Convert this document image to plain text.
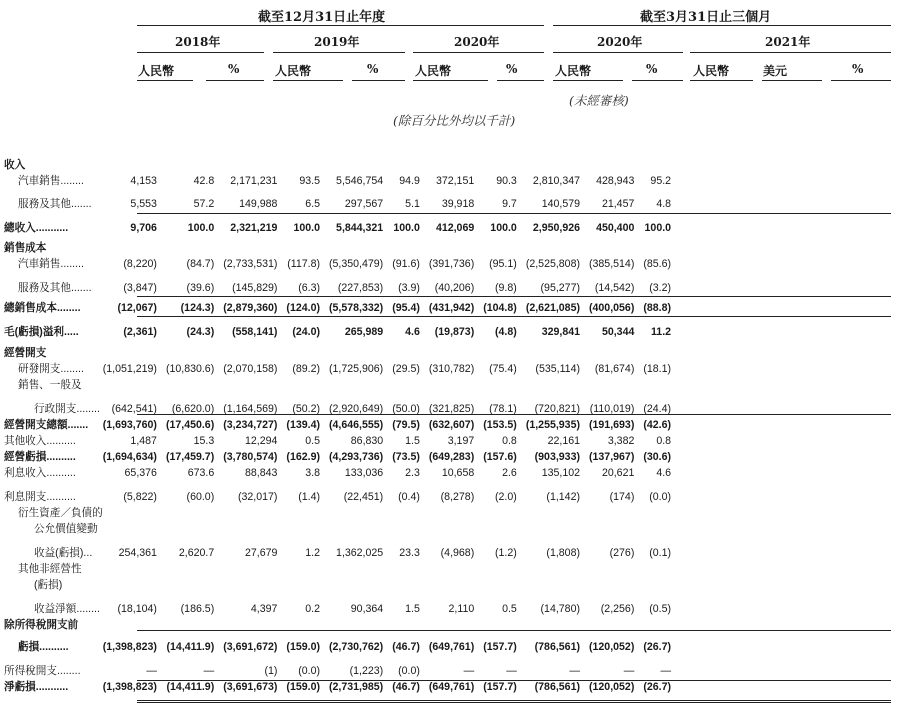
截至12月31日止年度	截至3月31日止三個月
2018年	2019年	2020年	2020年	2021年
人民幣	%	人民幣	%	人民幣	%	人民幣	%	人民幣	美元	%
(未經審核)
(除百分比外均以千計)
收入											
汽車銷售........	4,153	42.8	2,171,231	93.5	5,546,754	94.9	372,151	90.3	2,810,347	428,943	95.2
服務及其他.......	5,553	57.2	149,988	6.5	297,567	5.1	39,918	9.7	140,579	21,457	4.8
總收入...........	9,706	100.0	2,321,219	100.0	5,844,321	100.0	412,069	100.0	2,950,926	450,400	100.0
銷售成本											
汽車銷售........	(8,220)	(84.7)	(2,733,531)	(117.8)	(5,350,479)	(91.6)	(391,736)	(95.1)	(2,525,808)	(385,514)	(85.6)
服務及其他.......	(3,847)	(39.6)	(145,829)	(6.3)	(227,853)	(3.9)	(40,206)	(9.8)	(95,277)	(14,542)	(3.2)
總銷售成本........	(12,067)	(124.3)	(2,879,360)	(124.0)	(5,578,332)	(95.4)	(431,942)	(104.8)	(2,621,085)	(400,056)	(88.8)
毛(虧損)溢利.....	(2,361)	(24.3)	(558,141)	(24.0)	265,989	4.6	(19,873)	(4.8)	329,841	50,344	11.2
經營開支											
研發開支........	(1,051,219)	(10,830.6)	(2,070,158)	(89.2)	(1,725,906)	(29.5)	(310,782)	(75.4)	(535,114)	(81,674)	(18.1)
銷售、一般及											
行政開支........	(642,541)	(6,620.0)	(1,164,569)	(50.2)	(2,920,649)	(50.0)	(321,825)	(78.1)	(720,821)	(110,019)	(24.4)
經營開支總額.......	(1,693,760)	(17,450.6)	(3,234,727)	(139.4)	(4,646,555)	(79.5)	(632,607)	(153.5)	(1,255,935)	(191,693)	(42.6)
其他收入..........	1,487	15.3	12,294	0.5	86,830	1.5	3,197	0.8	22,161	3,382	0.8
經營虧損..........	(1,694,634)	(17,459.7)	(3,780,574)	(162.9)	(4,293,736)	(73.5)	(649,283)	(157.6)	(903,933)	(137,967)	(30.6)
利息收入..........	65,376	673.6	88,843	3.8	133,036	2.3	10,658	2.6	135,102	20,621	4.6
利息開支..........	(5,822)	(60.0)	(32,017)	(1.4)	(22,451)	(0.4)	(8,278)	(2.0)	(1,142)	(174)	(0.0)
衍生資產／負債的											
公允價值變動											
收益(虧損)...	254,361	2,620.7	27,679	1.2	1,362,025	23.3	(4,968)	(1.2)	(1,808)	(276)	(0.1)
其他非經營性											
(虧損)											
收益淨額........	(18,104)	(186.5)	4,397	0.2	90,364	1.5	2,110	0.5	(14,780)	(2,256)	(0.5)
除所得稅開支前											
虧損..........	(1,398,823)	(14,411.9)	(3,691,672)	(159.0)	(2,730,762)	(46.7)	(649,761)	(157.7)	(786,561)	(120,052)	(26.7)
所得稅開支........	—	—	(1)	(0.0)	(1,223)	(0.0)	—	—	—	—	—
淨虧損...........	(1,398,823)	(14,411.9)	(3,691,673)	(159.0)	(2,731,985)	(46.7)	(649,761)	(157.7)	(786,561)	(120,052)	(26.7)
